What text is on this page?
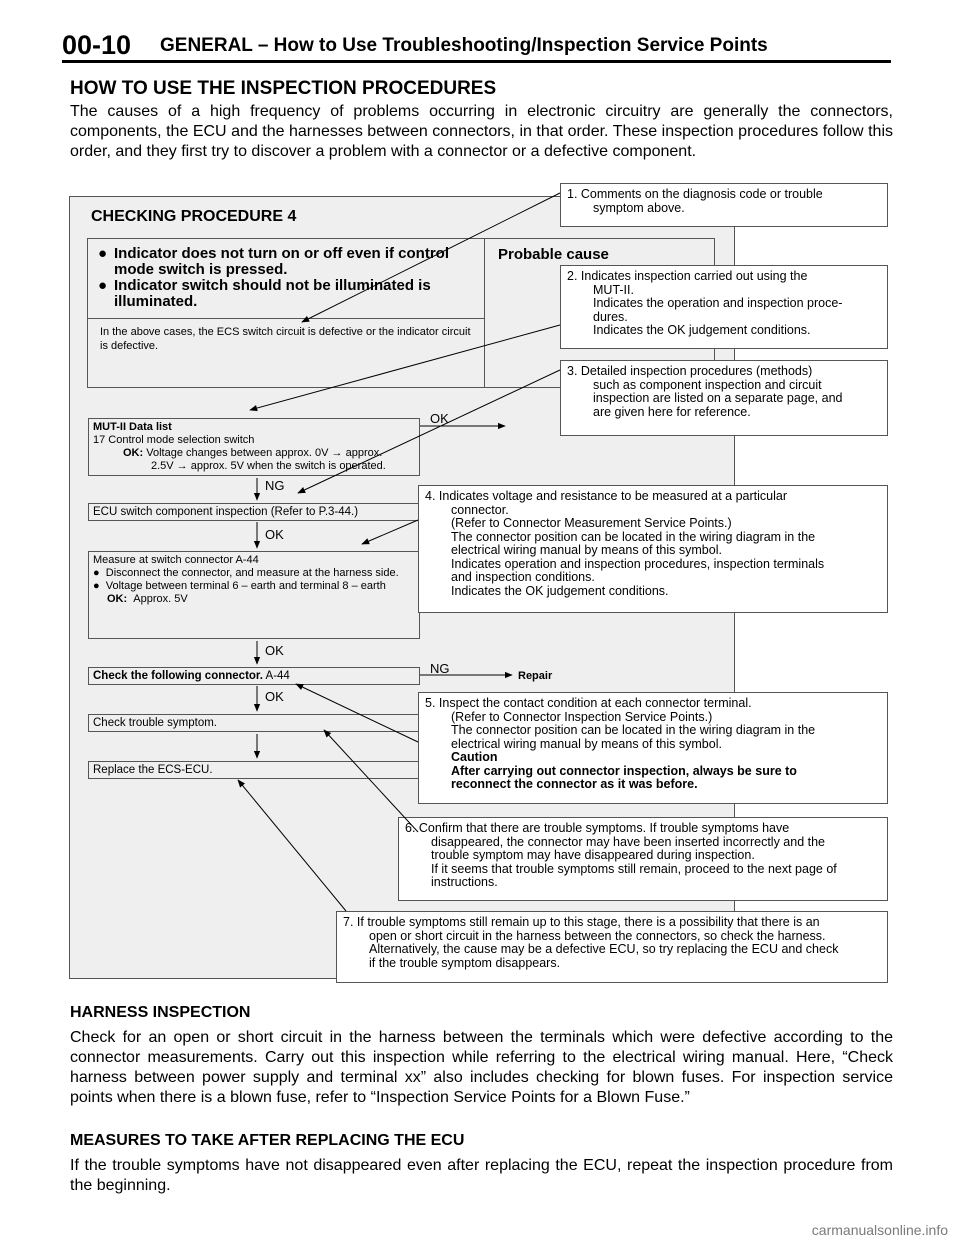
00-10 GENERAL – How to Use Troubleshooting/Inspection Service Points
HOW TO USE THE INSPECTION PROCEDURES
The causes of a high frequency of problems occurring in electronic circuitry are generally the connectors, components, the ECU and the harnesses between connectors, in that order. These inspection procedures follow this order, and they first try to discover a problem with a connector or a defective component.
CHECKING PROCEDURE 4
● Indicator does not turn on or off even if control mode switch is pressed.
● Indicator switch should not be illuminated is illuminated.
Probable cause
In the above cases, the ECS switch circuit is defective or the indicator circuit is defective.
MUT-II Data list
17 Control mode selection switch
OK: Voltage changes between approx. 0V → approx.
2.5V → approx. 5V when the switch is operated.
OK
NG
ECU switch component inspection (Refer to P.3-44.)
OK
Measure at switch connector A-44
●  Disconnect the connector, and measure at the harness side.
●  Voltage between terminal 6 – earth and terminal 8 – earth
OK: Approx. 5V
OK
Check the following connector. A-44	NG	Repair
OK
Check trouble symptom.
Replace the ECS-ECU.
1. Comments on the diagnosis code or trouble
symptom above.
2. Indicates inspection carried out using the
MUT-II.
Indicates the operation and inspection proce-
dures.
Indicates the OK judgement conditions.
3. Detailed inspection procedures (methods)
such as component inspection and circuit
inspection are listed on a separate page, and
are given here for reference.
4. Indicates voltage and resistance to be measured at a particular
connector.
(Refer to Connector Measurement Service Points.)
The connector position can be located in the wiring diagram in the
electrical wiring manual by means of this symbol.
Indicates operation and inspection procedures, inspection terminals
and inspection conditions.
Indicates the OK judgement conditions.
5. Inspect the contact condition at each connector terminal.
(Refer to Connector Inspection Service Points.)
The connector position can be located in the wiring diagram in the
electrical wiring manual by means of this symbol.
Caution
After carrying out connector inspection, always be sure to
reconnect the connector as it was before.
6. Confirm that there are trouble symptoms. If trouble symptoms have
disappeared, the connector may have been inserted incorrectly and the
trouble symptom may have disappeared during inspection.
If it seems that trouble symptoms still remain, proceed to the next page of
instructions.
7. If trouble symptoms still remain up to this stage, there is a possibility that there is an
open or short circuit in the harness between the connectors, so check the harness.
Alternatively, the cause may be a defective ECU, so try replacing the ECU and check
if the trouble symptom disappears.
HARNESS INSPECTION
Check for an open or short circuit in the harness between the terminals which were defective according to the connector measurements. Carry out this inspection while referring to the electrical wiring manual. Here, “Check harness between power supply and terminal xx” also includes checking for blown fuses. For inspection service points when there is a blown fuse, refer to “Inspection Service Points for a Blown Fuse.”
MEASURES TO TAKE AFTER REPLACING THE ECU
If the trouble symptoms have not disappeared even after replacing the ECU, repeat the inspection procedure from the beginning.
carmanualsonline.info
